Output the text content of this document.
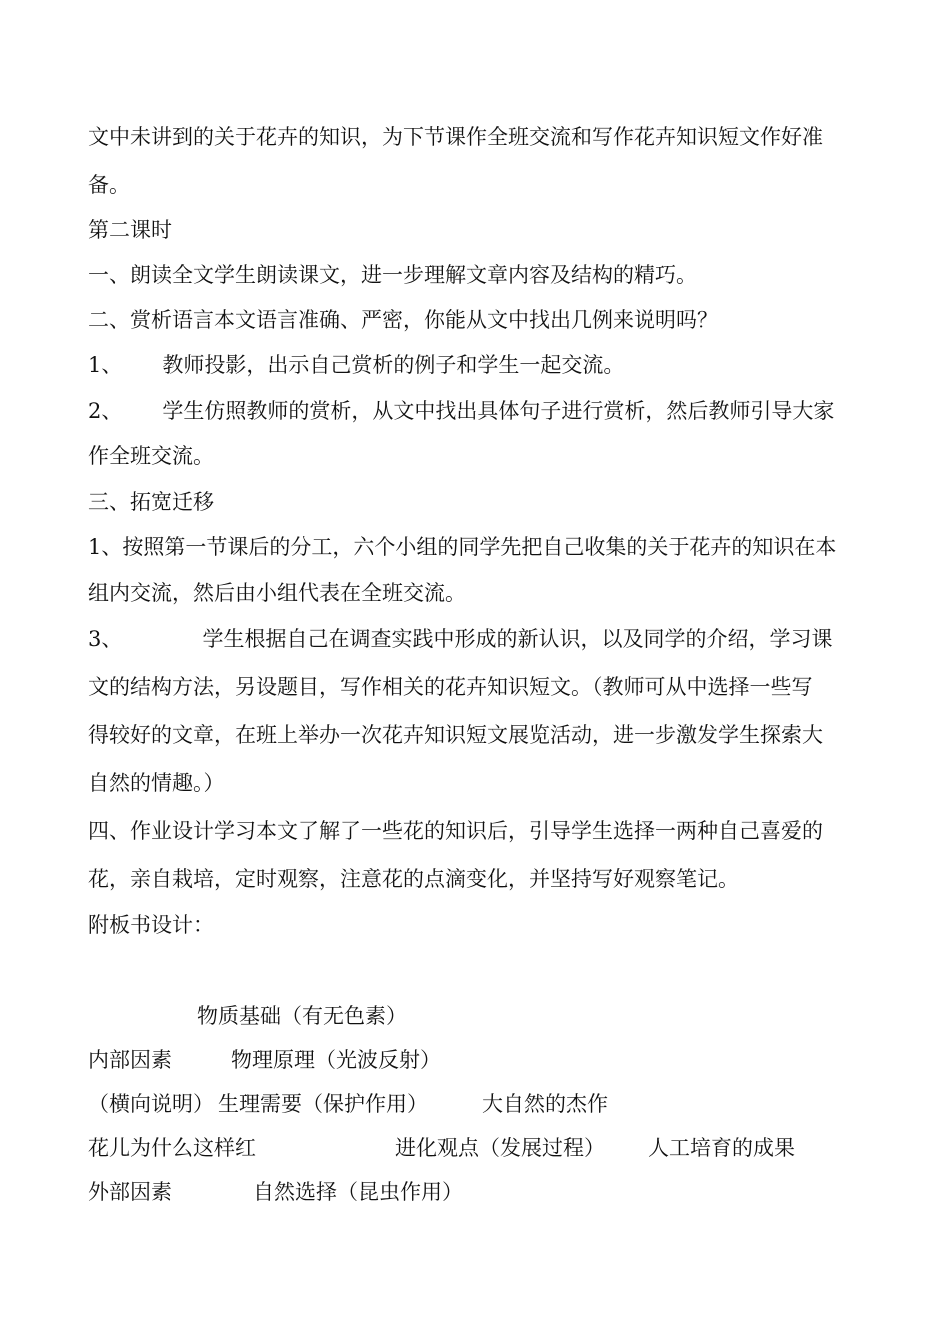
文中未讲到的关于花卉的知识，为下节课作全班交流和写作花卉知识短文作好准
备。
第二课时
一、朗读全文学生朗读课文，进一步理解文章内容及结构的精巧。
二、赏析语言本文语言准确、严密，你能从文中找出几例来说明吗？
1、      教师投影，出示自己赏析的例子和学生一起交流。
2、      学生仿照教师的赏析，从文中找出具体句子进行赏析，然后教师引导大家
作全班交流。
三、拓宽迁移
1、按照第一节课后的分工，六个小组的同学先把自己收集的关于花卉的知识在本
组内交流，然后由小组代表在全班交流。
3、            学生根据自己在调查实践中形成的新认识，以及同学的介绍，学习课
文的结构方法，另设题目，写作相关的花卉知识短文。（教师可从中选择一些写
得较好的文章，在班上举办一次花卉知识短文展览活动，进一步激发学生探索大
自然的情趣。）
四、作业设计学习本文了解了一些花的知识后，引导学生选择一两种自己喜爱的
花，亲自栽培，定时观察，注意花的点滴变化，并坚持写好观察笔记。
附板书设计：
物质基础（有无色素）
内部因素	物理原理（光波反射）
（横向说明） 生理需要（保护作用）	大自然的杰作
花儿为什么这样红	进化观点（发展过程） 人工培育的成果
外部因素	自然选择（昆虫作用）
